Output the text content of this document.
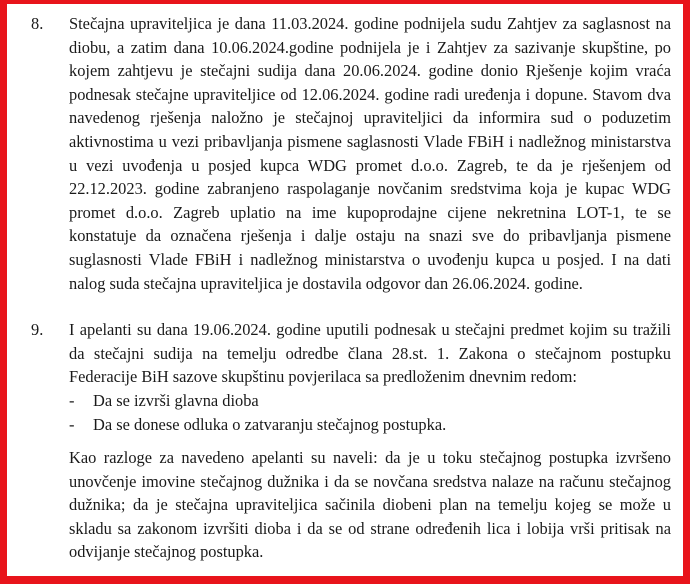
8. Stečajna upraviteljica je dana 11.03.2024. godine podnijela sudu Zahtjev za saglasnost na diobu, a zatim dana 10.06.2024.godine podnijela je i Zahtjev za sazivanje skupštine, po kojem zahtjevu je stečajni sudija dana 20.06.2024. godine donio Rješenje kojim vraća podnesak stečajne upraviteljice od 12.06.2024. godine radi uređenja i dopune. Stavom dva navedenog rješenja naložno je stečajnoj upraviteljici da informira sud o poduzetim aktivnostima u vezi pribavljanja pismene saglasnosti Vlade FBiH i nadležnog ministarstva u vezi uvođenja u posjed kupca WDG promet d.o.o. Zagreb, te da je rješenjem od 22.12.2023. godine zabranjeno raspolaganje novčanim sredstvima koja je kupac WDG promet d.o.o. Zagreb uplatio na ime kupoprodajne cijene nekretnina LOT-1, te se konstatuje da označena rješenja i dalje ostaju na snazi sve do pribavljanja pismene suglasnosti Vlade FBiH i nadležnog ministarstva o uvođenju kupca u posjed. I na dati nalog suda stečajna upraviteljica je dostavila odgovor dan 26.06.2024. godine.
9. I apelanti su dana 19.06.2024. godine uputili podnesak u stečajni predmet kojim su tražili da stečajni sudija na temelju odredbe člana 28.st. 1. Zakona o stečajnom postupku Federacije BiH sazove skupštinu povjerilaca sa predloženim dnevnim redom:
- Da se izvrši glavna dioba
- Da se donese odluka o zatvaranju stečajnog postupka.
Kao razloge za navedeno apelanti su naveli: da je u toku stečajnog postupka izvršeno unovčenje imovine stečajnog dužnika i da se novčana sredstva nalaze na računu stečajnog dužnika; da je stečajna upraviteljica sačinila diobeni plan na temelju kojeg se može u skladu sa zakonom izvršiti dioba i da se od strane određenih lica i lobija vrši pritisak na odvijanje stečajnog postupka.
